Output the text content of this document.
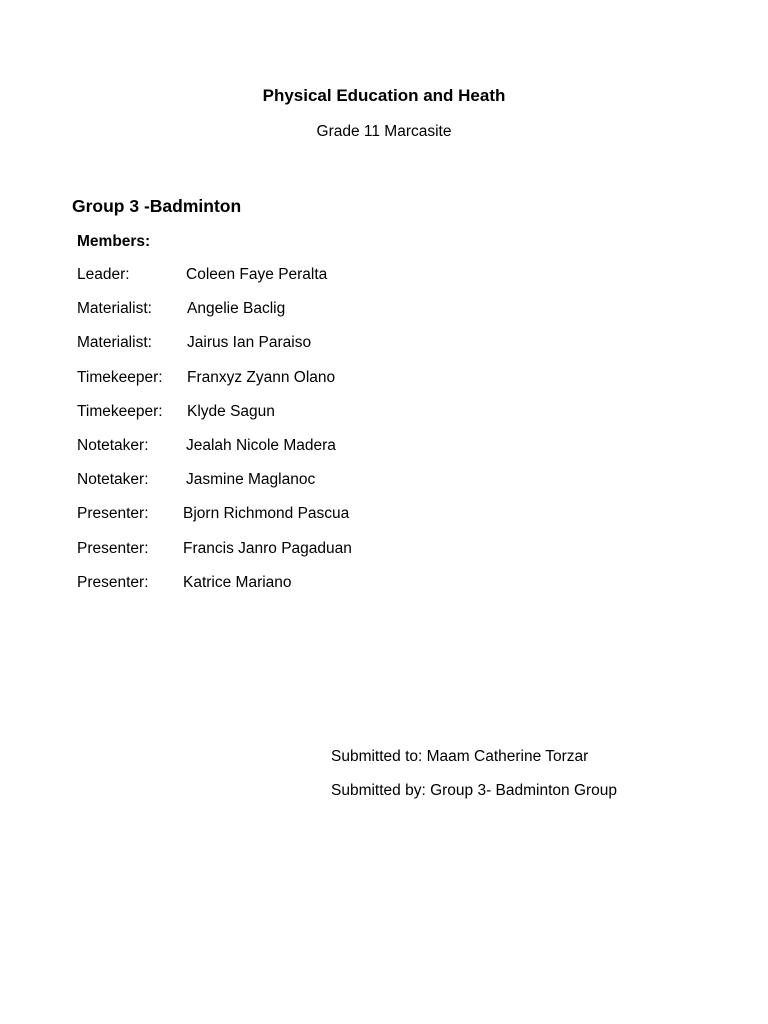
Physical Education and Heath
Grade 11 Marcasite
Group 3 -Badminton
Members:
Leader:	Coleen Faye Peralta
Materialist: Angelie Baclig
Materialist: Jairus Ian Paraiso
Timekeeper: Franxyz Zyann Olano
Timekeeper: Klyde Sagun
Notetaker: Jealah Nicole Madera
Notetaker: Jasmine Maglanoc
Presenter: Bjorn Richmond Pascua
Presenter: Francis Janro Pagaduan
Presenter: Katrice Mariano
Submitted to: Maam Catherine Torzar
Submitted by: Group 3- Badminton Group
